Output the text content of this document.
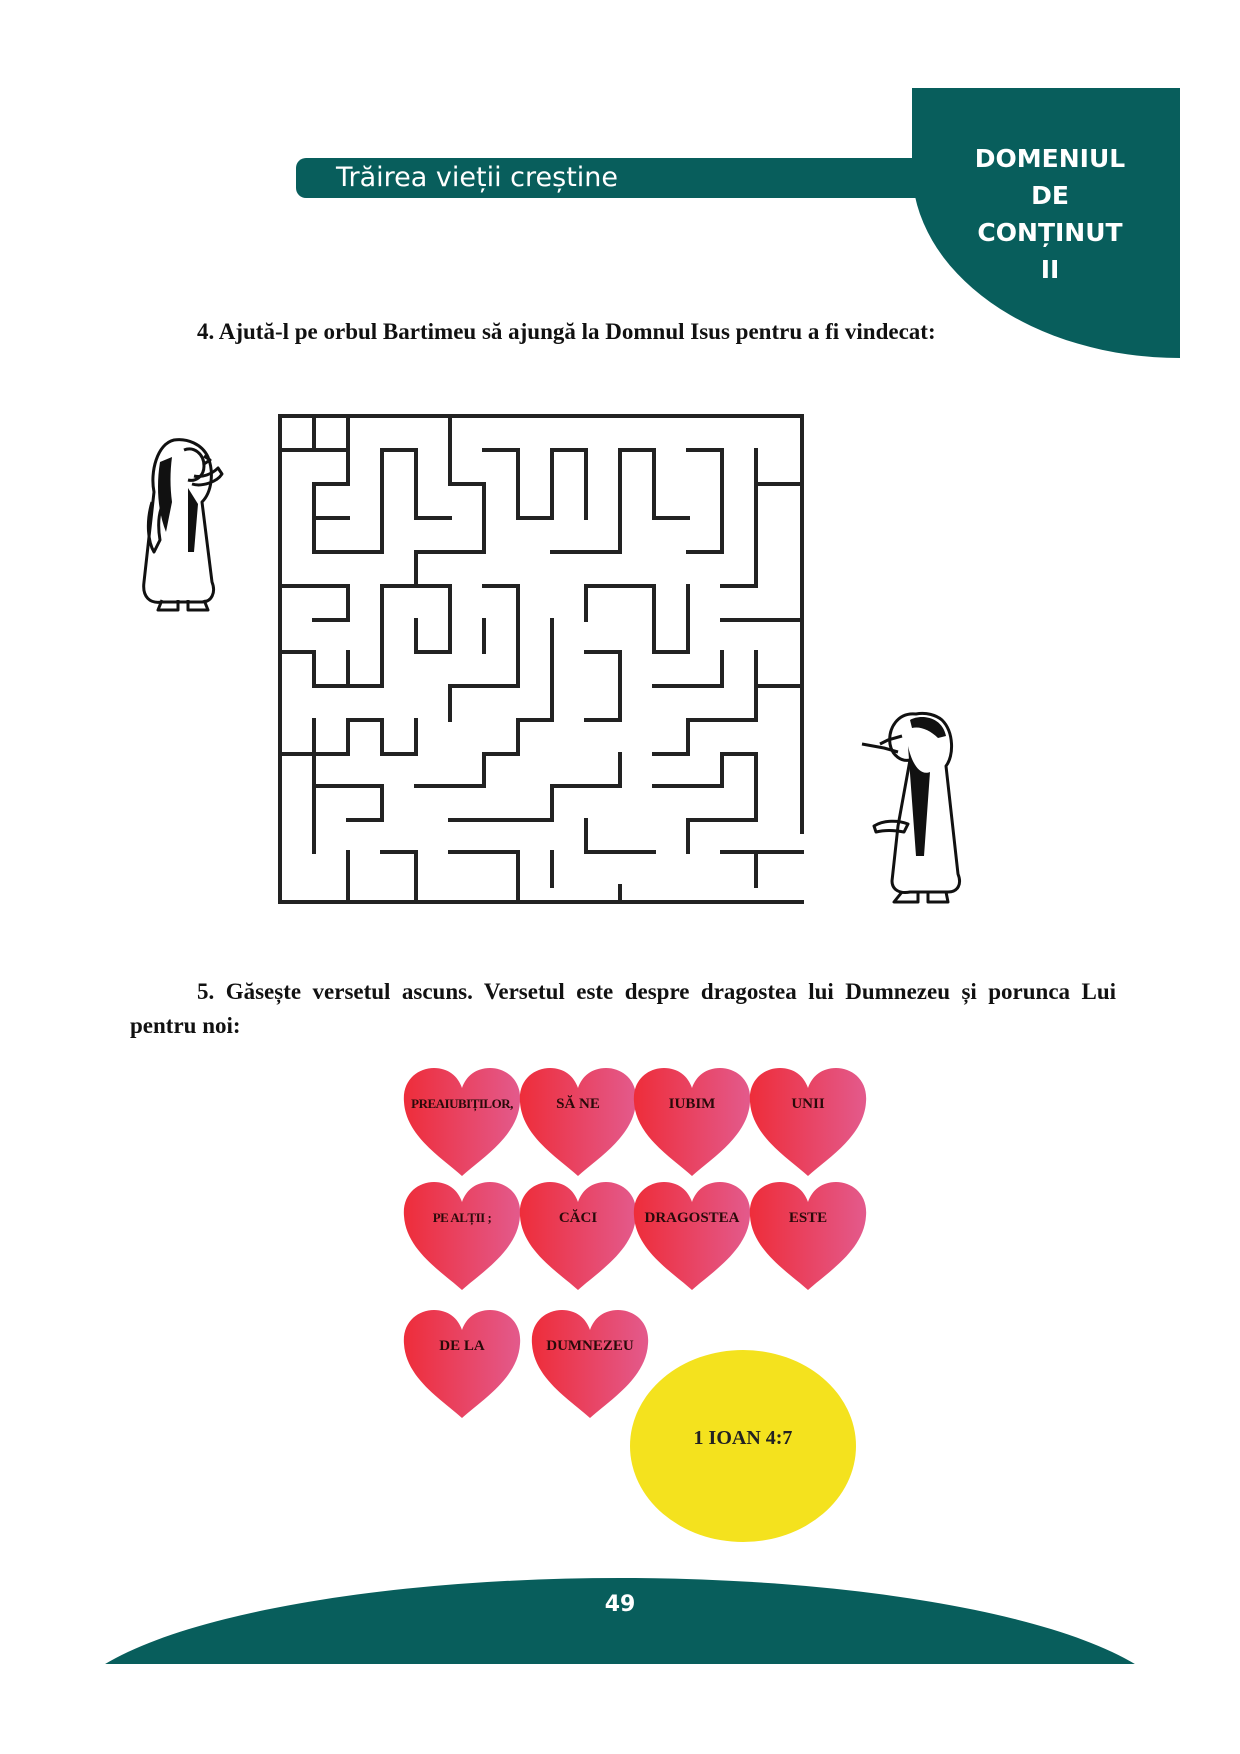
Trăirea vieții creștine
DOMENIUL
DE
CONȚINUT
II
4. Ajută-l pe orbul Bartimeu să ajungă la Domnul Isus pentru a fi vindecat:
5. Găsește versetul ascuns. Versetul este despre dragostea lui Dumnezeu și porunca Lui pentru noi:
PREAIUBIȚILOR,	SĂ NE	IUBIM	UNII
PE ALȚII ;	CĂCI	DRAGOSTEA	ESTE
DE LA	DUMNEZEU
1 IOAN 4:7
49
